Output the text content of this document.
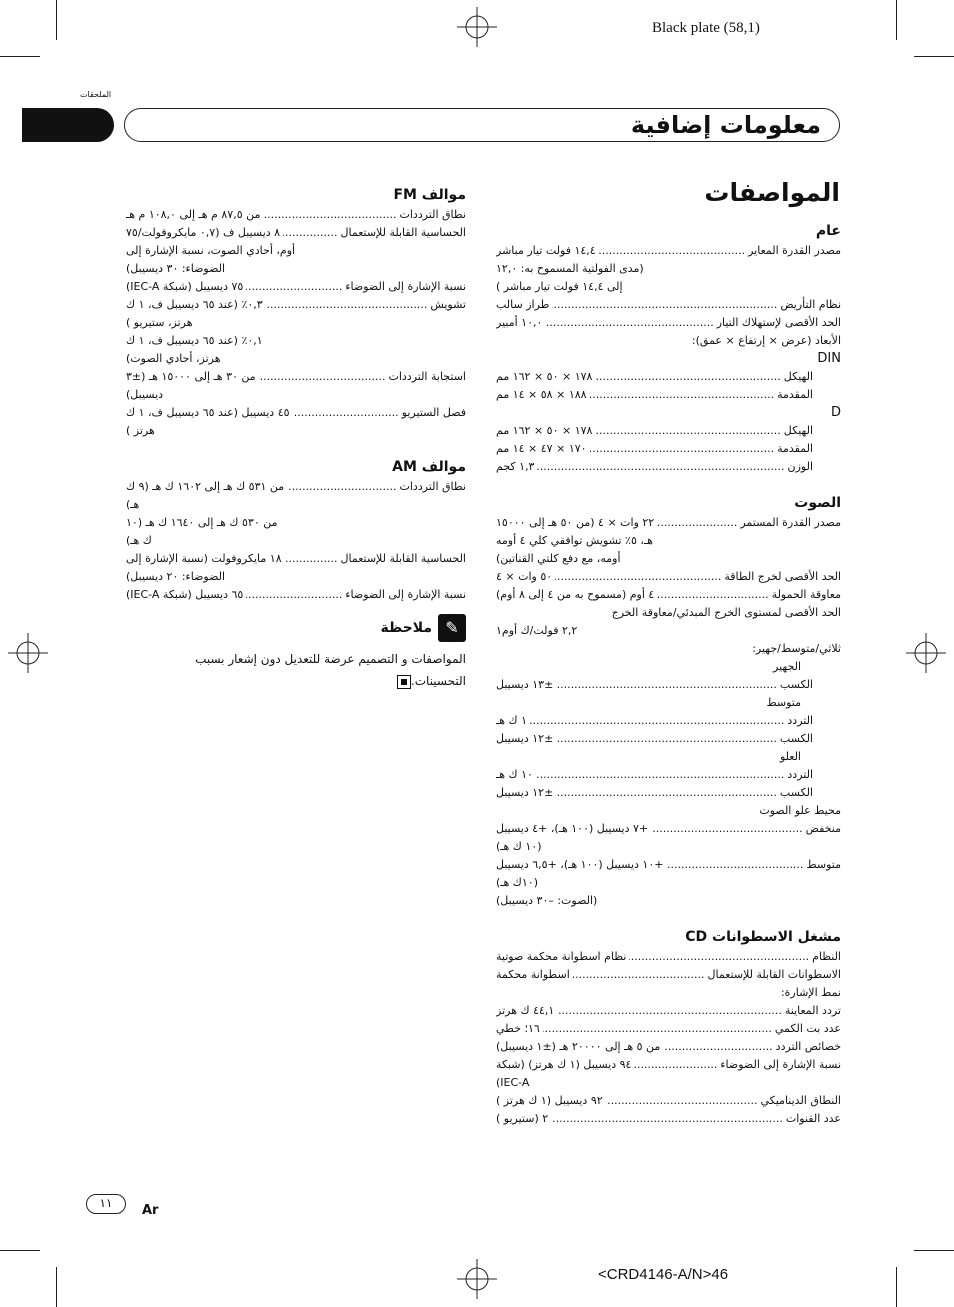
Black plate (58,1)
الملحقات
معلومات إضافية
المواصفات
عام
مصدر القدرة المعاير
.....
١٤,٤ فولت تيار مباشر
(مدى الفولتية المسموح به: ١٢,٠
إلى ١٤,٤ فولت تيار مباشر )
نظام التأريض
.....
طراز سالب
الحد الأقصى لإستهلاك التيار
.....
١٠,٠ أمبير
الأبعاد (عرض × إرتفاع × عمق):
DIN
الهيكل
.....
١٧٨ × ٥٠ × ١٦٢ مم
المقدمة
.....
١٨٨ × ٥٨ × ١٤ مم
D
الهيكل
.....
١٧٨ × ٥٠ × ١٦٢ مم
المقدمة
.....
١٧٠ × ٤٧ × ١٤ مم
الوزن
.....
١,٣ كجم
الصوت
مصدر القدرة المستمر
.....
٢٢ وات × ٤ (من ٥٠ هـ إلى ١٥٠٠٠
هـ، ٥٪ تشويش توافقي كلي ٤ أومه
أومه، مع دفع كلتي القناتين)
الحد الأقصى لخرج الطاقة
.....
٥٠ وات × ٤
معاوقة الحمولة
.....
٤ أوم (مسموح به من ٤ إلى ٨ أوم)
الحد الأقصى لمستوى الخرج المبدئي/معاوقة الخرج
٢,٢ فولت/ك أوم١
ثلاثي/متوسط/جهير:
الجهير
الكسب
.....
±١٣ ديسيبل
متوسط
التردد
.....
١ ك هـ
الكسب
.....
±١٢ ديسيبل
العلو
التردد
.....
١٠ ك هـ
الكسب
.....
±١٢ ديسيبل
محيط علو الصوت
منخفض
.....
+٧ ديسيبل (١٠٠ هـ)، +٤ ديسيبل
(١٠ ك هـ)
متوسط
.....
+١٠ ديسيبل (١٠٠ هـ)، +٦,٥ ديسيبل
(١٠ك هـ)
(الصوت: –٣٠ ديسيبل)
مشغل الاسطوانات CD
النظام
.....
نظام اسطوانة محكمة صوتية
الاسطوانات القابلة للإستعمال
.....
اسطوانة محكمة
نمط الإشارة:
تردد المعاينة
.....
٤٤,١ ك هرتز
عدد بت الكمي
.....
١٦؛ خطي
خصائص التردد
.....
من ٥ هـ إلى ٢٠٠٠٠ هـ (±١ ديسيبل)
نسبة الإشارة إلى الضوضاء
.....
٩٤ ديسيبل (١ ك هرتز) (شبكة
IEC-A)
النطاق الديناميكي
.....
٩٢ ديسيبل (١ ك هرتز )
عدد القنوات
.....
٢ (ستيريو )
موالف FM
نطاق الترددات
.....
من ٨٧,٥ م هـ إلى ١٠٨,٠ م هـ
الحساسية القابلة للإستعمال
.....
٨ ديسيبل ف (٠,٧ مايكروفولت/٧٥
أوم، أحادي الصوت، نسبة الإشارة إلى
الضوضاء: ٣٠ ديسيبل)
نسبة الإشارة إلى الضوضاء
.....
٧٥ ديسيبل (شبكة IEC-A)
تشويش
.....
٠,٣٪ (عند ٦٥ ديسيبل ف، ١ ك
هرتز، ستيريو )
٠,١٪ (عند ٦٥ ديسيبل ف، ١ ك
هرتز، أحادي الصوت)
استجابة الترددات
.....
من ٣٠ هـ إلى ١٥٠٠٠ هـ (±٣
ديسيبل)
فصل الستيريو
.....
٤٥ ديسيبل (عند ٦٥ ديسيبل ف، ١ ك
هرتز )
موالف AM
نطاق الترددات
.....
من ٥٣١ ك هـ إلى ١٦٠٢ ك هـ (٩ ك
هـ)
من ٥٣٠ ك هـ إلى ١٦٤٠ ك هـ (١٠
ك هـ)
الحساسية القابلة للإستعمال
.....
١٨ مايكروفولت (نسبة الإشارة إلى
الضوضاء: ٢٠ ديسيبل)
نسبة الإشارة إلى الضوضاء
.....
٦٥ ديسيبل (شبكة IEC-A)
✎
ملاحظة
المواصفات و التصميم عرضة للتعديل دون إشعار بسبب
التحسينات.
١١	Ar
<CRD4146-A/N>46
